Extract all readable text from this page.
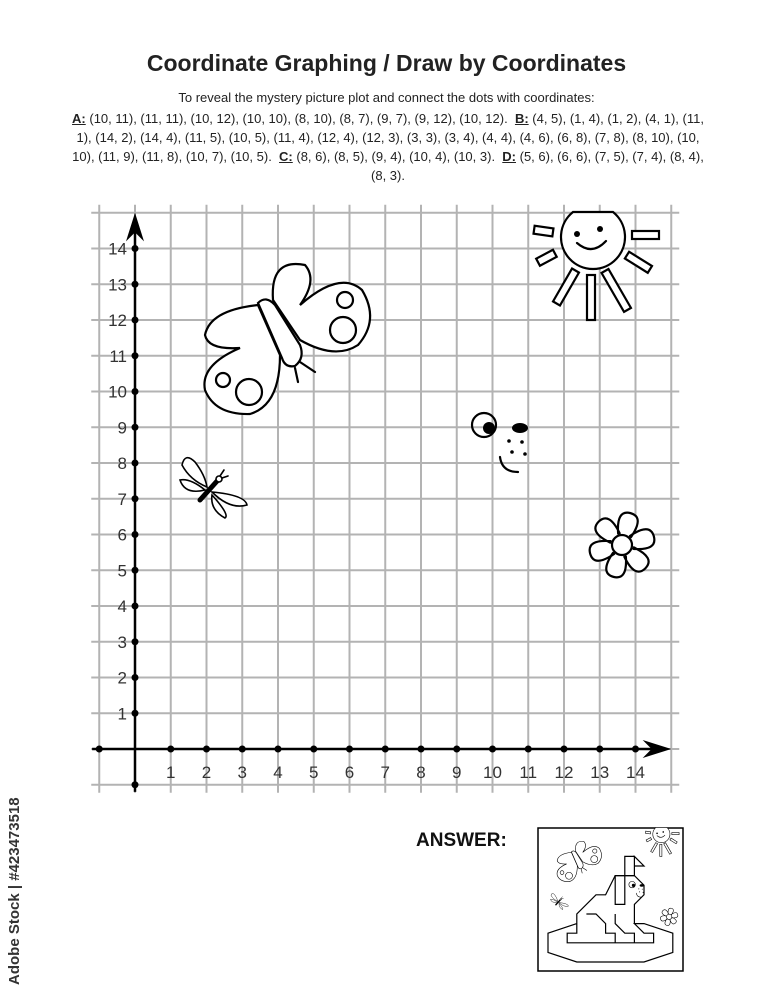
Coordinate Graphing / Draw by Coordinates
To reveal the mystery picture plot and connect the dots with coordinates:
A: (10, 11), (11, 11), (10, 12), (10, 10), (8, 10), (8, 7), (9, 7), (9, 12), (10, 12).  B: (4, 5), (1, 4), (1, 2), (4, 1), (11, 1), (14, 2), (14, 4), (11, 5), (10, 5), (11, 4), (12, 4), (12, 3), (3, 3), (3, 4), (4, 4), (4, 6), (6, 8), (7, 8), (8, 10), (10, 10), (11, 9), (11, 8), (10, 7), (10, 5).  C: (8, 6), (8, 5), (9, 4), (10, 4), (10, 3).  D: (5, 6), (6, 6), (7, 5), (7, 4), (8, 4), (8, 3).
ANSWER:
Adobe Stock | #423473518
1 2 3 4 5 6 7 8 9 10 11 12 13 14
1
2
3
4
5
6
7
8
9
10
11
12
13
14
